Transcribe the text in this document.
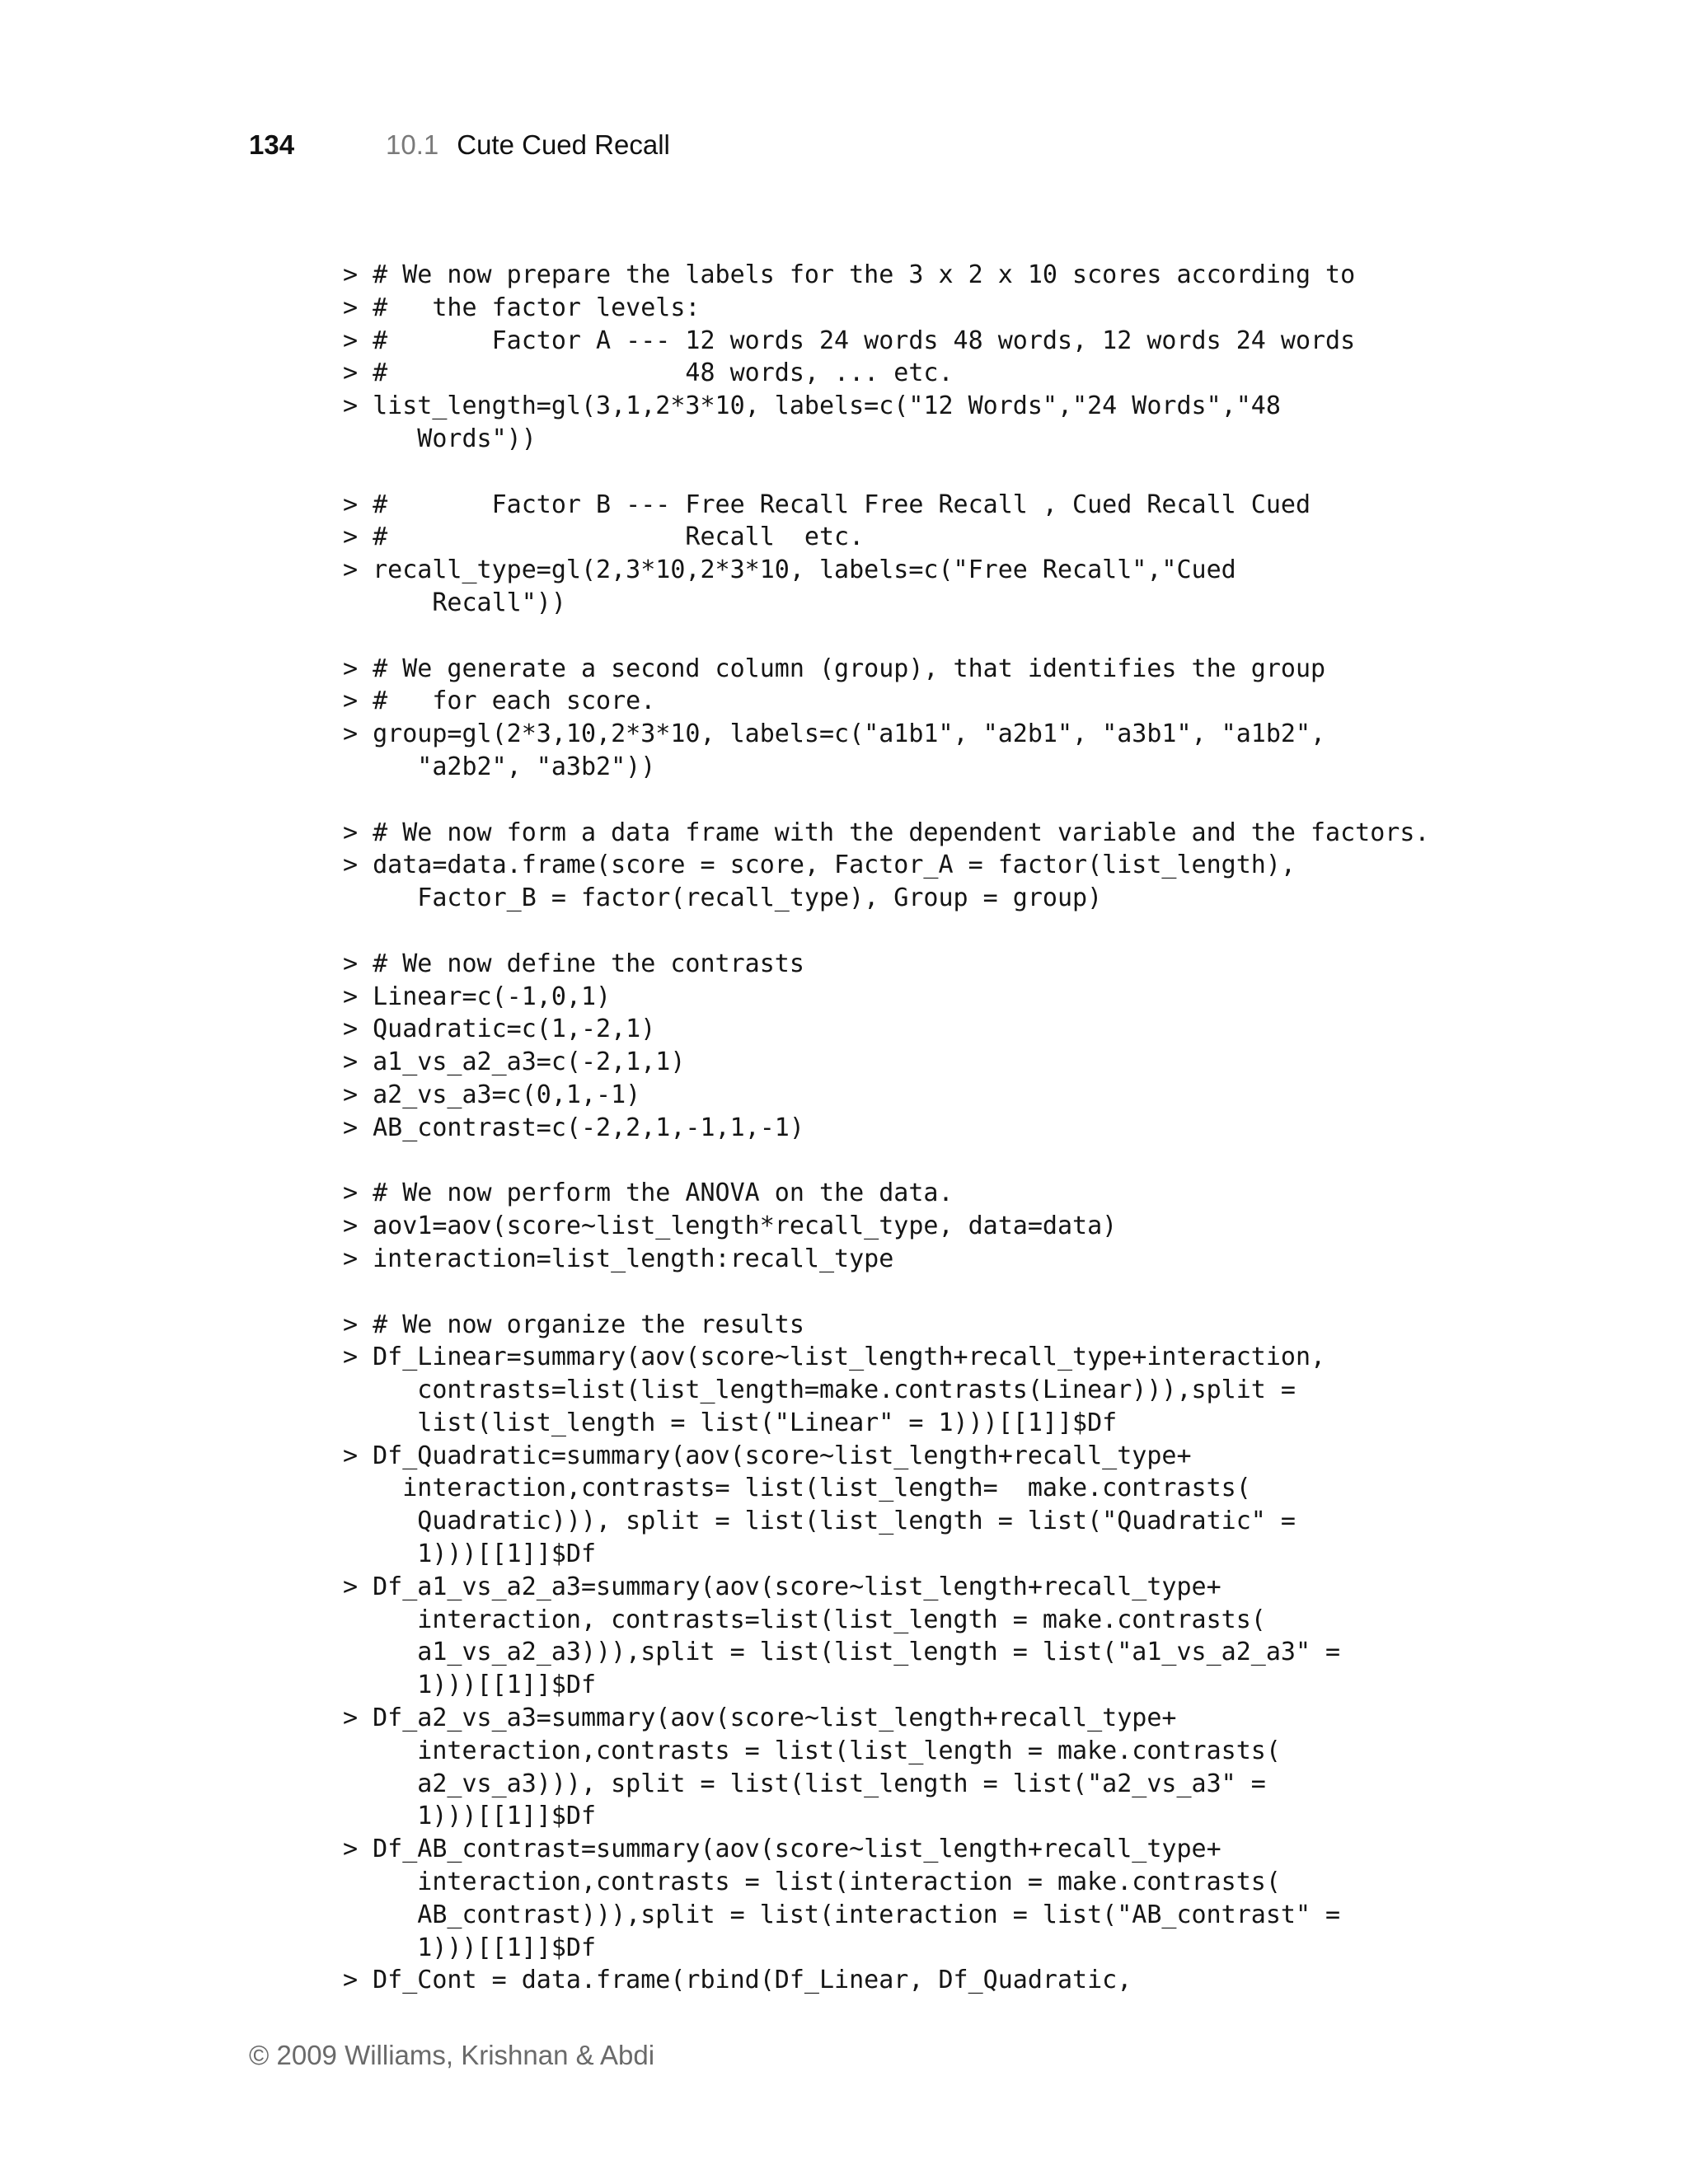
134	10.1 Cute Cued Recall
> # We now prepare the labels for the 3 x 2 x 10 scores according to
> #   the factor levels:
> #       Factor A --- 12 words 24 words 48 words, 12 words 24 words
> #                    48 words, ... etc.
> list_length=gl(3,1,2*3*10, labels=c("12 Words","24 Words","48
Words"))
> #       Factor B --- Free Recall Free Recall , Cued Recall Cued
> #                    Recall  etc.
> recall_type=gl(2,3*10,2*3*10, labels=c("Free Recall","Cued
Recall"))
> # We generate a second column (group), that identifies the group
> #   for each score.
> group=gl(2*3,10,2*3*10, labels=c("a1b1", "a2b1", "a3b1", "a1b2",
"a2b2", "a3b2"))
> # We now form a data frame with the dependent variable and the factors.
> data=data.frame(score = score, Factor_A = factor(list_length),
Factor_B = factor(recall_type), Group = group)
> # We now define the contrasts
> Linear=c(-1,0,1)
> Quadratic=c(1,-2,1)
> a1_vs_a2_a3=c(-2,1,1)
> a2_vs_a3=c(0,1,-1)
> AB_contrast=c(-2,2,1,-1,1,-1)
> # We now perform the ANOVA on the data.
> aov1=aov(score~list_length*recall_type, data=data)
> interaction=list_length:recall_type
> # We now organize the results
> Df_Linear=summary(aov(score~list_length+recall_type+interaction,
contrasts=list(list_length=make.contrasts(Linear))),split =
list(list_length = list("Linear" = 1)))[[1]]$Df
> Df_Quadratic=summary(aov(score~list_length+recall_type+
interaction,contrasts= list(list_length=  make.contrasts(
Quadratic))), split = list(list_length = list("Quadratic" =
1)))[[1]]$Df
> Df_a1_vs_a2_a3=summary(aov(score~list_length+recall_type+
interaction, contrasts=list(list_length = make.contrasts(
a1_vs_a2_a3))),split = list(list_length = list("a1_vs_a2_a3" =
1)))[[1]]$Df
> Df_a2_vs_a3=summary(aov(score~list_length+recall_type+
interaction,contrasts = list(list_length = make.contrasts(
a2_vs_a3))), split = list(list_length = list("a2_vs_a3" =
1)))[[1]]$Df
> Df_AB_contrast=summary(aov(score~list_length+recall_type+
interaction,contrasts = list(interaction = make.contrasts(
AB_contrast))),split = list(interaction = list("AB_contrast" =
1)))[[1]]$Df
> Df_Cont = data.frame(rbind(Df_Linear, Df_Quadratic,
© 2009 Williams, Krishnan & Abdi
